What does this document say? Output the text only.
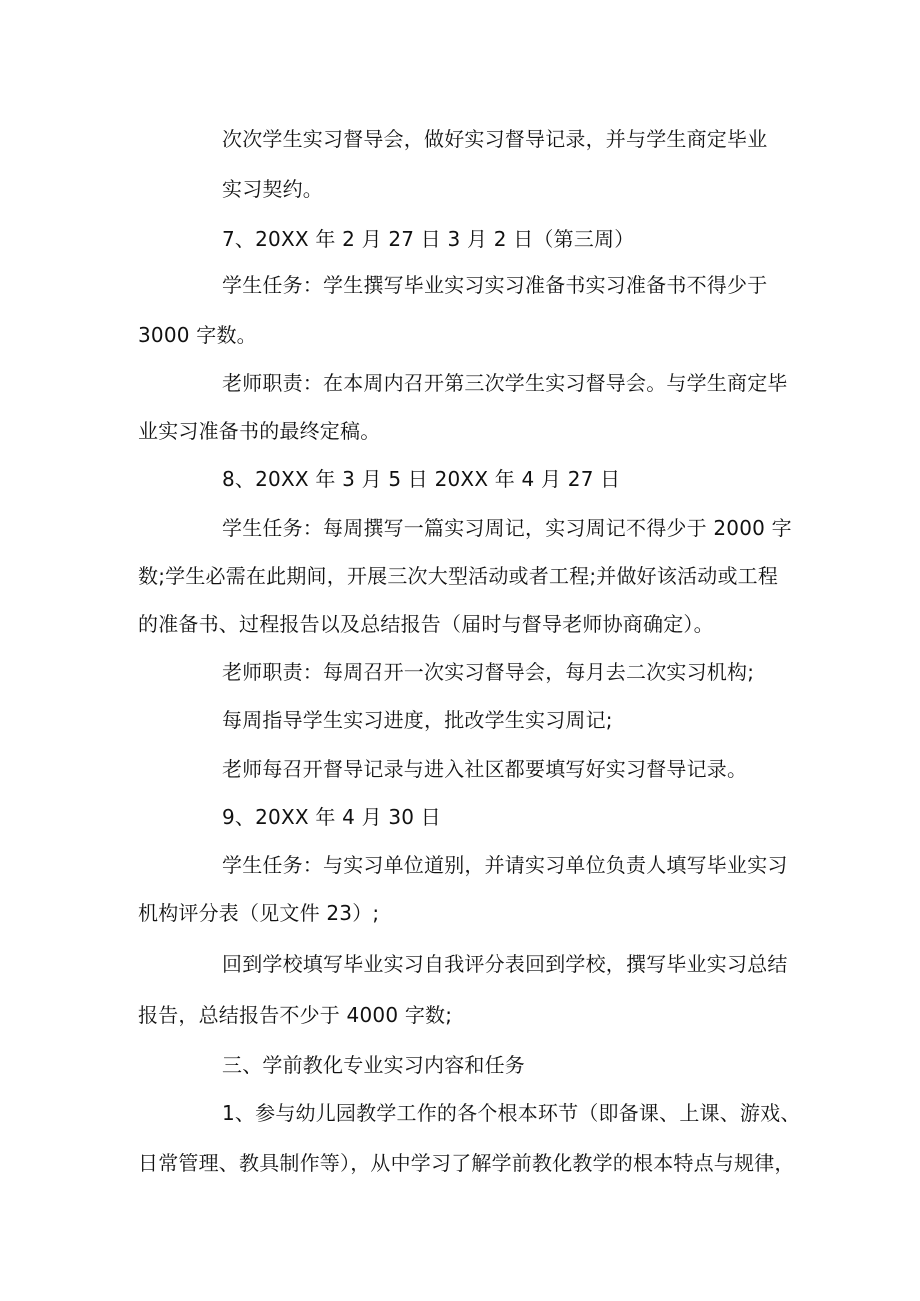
次次学生实习督导会，做好实习督导记录，并与学生商定毕业
实习契约。
7、20XX 年 2 月 27 日 3 月 2 日（第三周）
学生任务：学生撰写毕业实习实习准备书实习准备书不得少于
3000 字数。
老师职责：在本周内召开第三次学生实习督导会。与学生商定毕
业实习准备书的最终定稿。
8、20XX 年 3 月 5 日 20XX 年 4 月 27 日
学生任务：每周撰写一篇实习周记，实习周记不得少于 2000 字
数;学生必需在此期间，开展三次大型活动或者工程;并做好该活动或工程
的准备书、过程报告以及总结报告（届时与督导老师协商确定）。
老师职责：每周召开一次实习督导会，每月去二次实习机构;
每周指导学生实习进度，批改学生实习周记;
老师每召开督导记录与进入社区都要填写好实习督导记录。
9、20XX 年 4 月 30 日
学生任务：与实习单位道别，并请实习单位负责人填写毕业实习
机构评分表（见文件 23）;
回到学校填写毕业实习自我评分表回到学校，撰写毕业实习总结
报告，总结报告不少于 4000 字数;
三、学前教化专业实习内容和任务
1、参与幼儿园教学工作的各个根本环节（即备课、上课、游戏、
日常管理、教具制作等），从中学习了解学前教化教学的根本特点与规律，
